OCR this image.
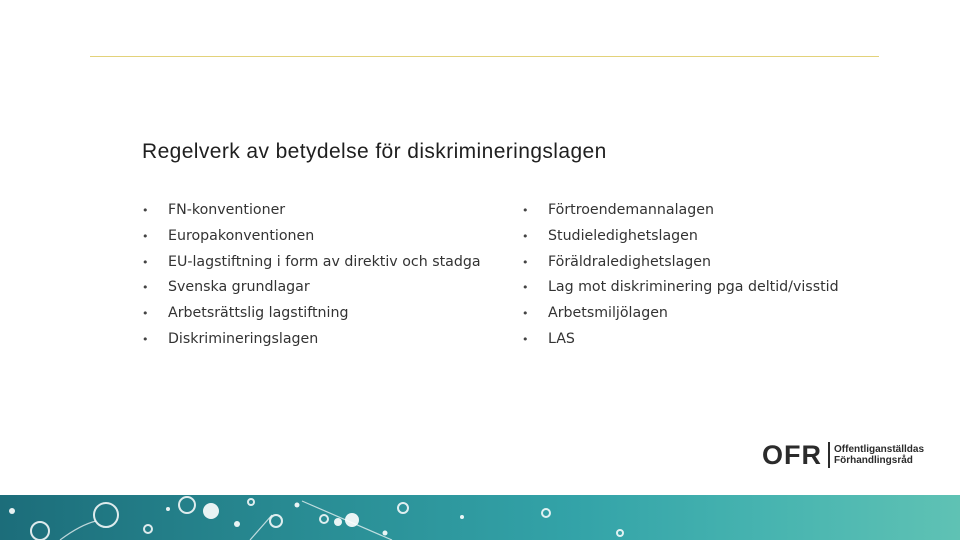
Regelverk av betydelse för diskrimineringslagen
• FN-konventioner
• Europakonventionen
• EU-lagstiftning i form av direktiv och stadga
• Svenska grundlagar
• Arbetsrättslig lagstiftning
• Diskrimineringslagen
• Förtroendemannalagen
• Studieledighetslagen
• Föräldraledighetslagen
• Lag mot diskriminering pga deltid/visstid
• Arbetsmiljölagen
• LAS
OFR Offentliganställdas
Förhandlingsråd
